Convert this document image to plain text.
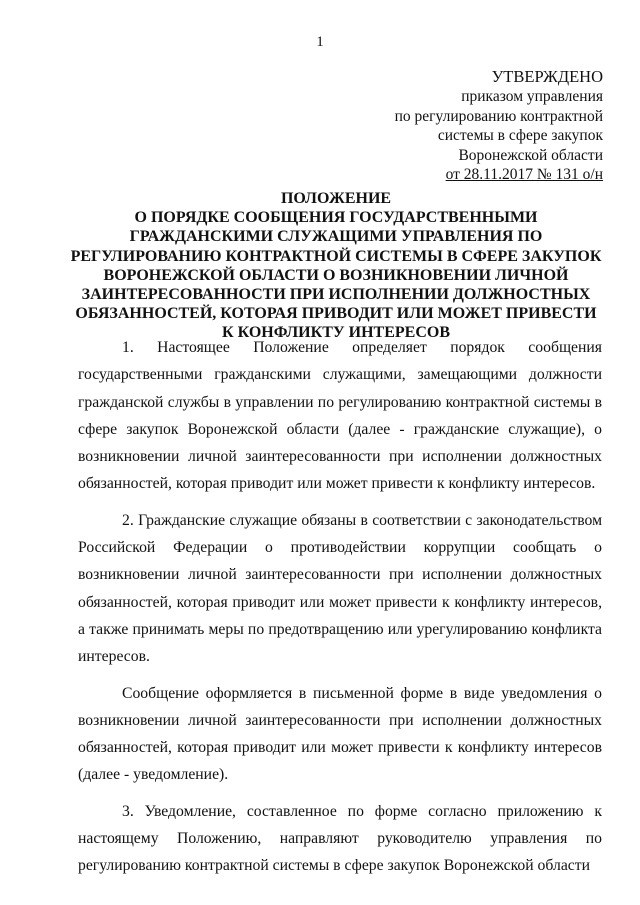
1
УТВЕРЖДЕНО
приказом управления
по регулированию контрактной
системы в сфере закупок
Воронежской области
от 28.11.2017 № 131 о/н
ПОЛОЖЕНИЕ
О ПОРЯДКЕ СООБЩЕНИЯ ГОСУДАРСТВЕННЫМИ ГРАЖДАНСКИМИ СЛУЖАЩИМИ УПРАВЛЕНИЯ ПО РЕГУЛИРОВАНИЮ КОНТРАКТНОЙ СИСТЕМЫ В СФЕРЕ ЗАКУПОК ВОРОНЕЖСКОЙ ОБЛАСТИ О ВОЗНИКНОВЕНИИ ЛИЧНОЙ ЗАИНТЕРЕСОВАННОСТИ ПРИ ИСПОЛНЕНИИ ДОЛЖНОСТНЫХ ОБЯЗАННОСТЕЙ, КОТОРАЯ ПРИВОДИТ ИЛИ МОЖЕТ ПРИВЕСТИ К КОНФЛИКТУ ИНТЕРЕСОВ

1. Настоящее Положение определяет порядок сообщения государственными гражданскими служащими, замещающими должности гражданской службы в управлении по регулированию контрактной системы в сфере закупок Воронежской области (далее - гражданские служащие), о возникновении личной заинтересованности при исполнении должностных обязанностей, которая приводит или может привести к конфликту интересов.

2. Гражданские служащие обязаны в соответствии с законодательством Российской Федерации о противодействии коррупции сообщать о возникновении личной заинтересованности при исполнении должностных обязанностей, которая приводит или может привести к конфликту интересов, а также принимать меры по предотвращению или урегулированию конфликта интересов.

Сообщение оформляется в письменной форме в виде уведомления о возникновении личной заинтересованности при исполнении должностных обязанностей, которая приводит или может привести к конфликту интересов (далее - уведомление).

3. Уведомление, составленное по форме согласно приложению к настоящему Положению, направляют руководителю управления по регулированию контрактной системы в сфере закупок Воронежской области
